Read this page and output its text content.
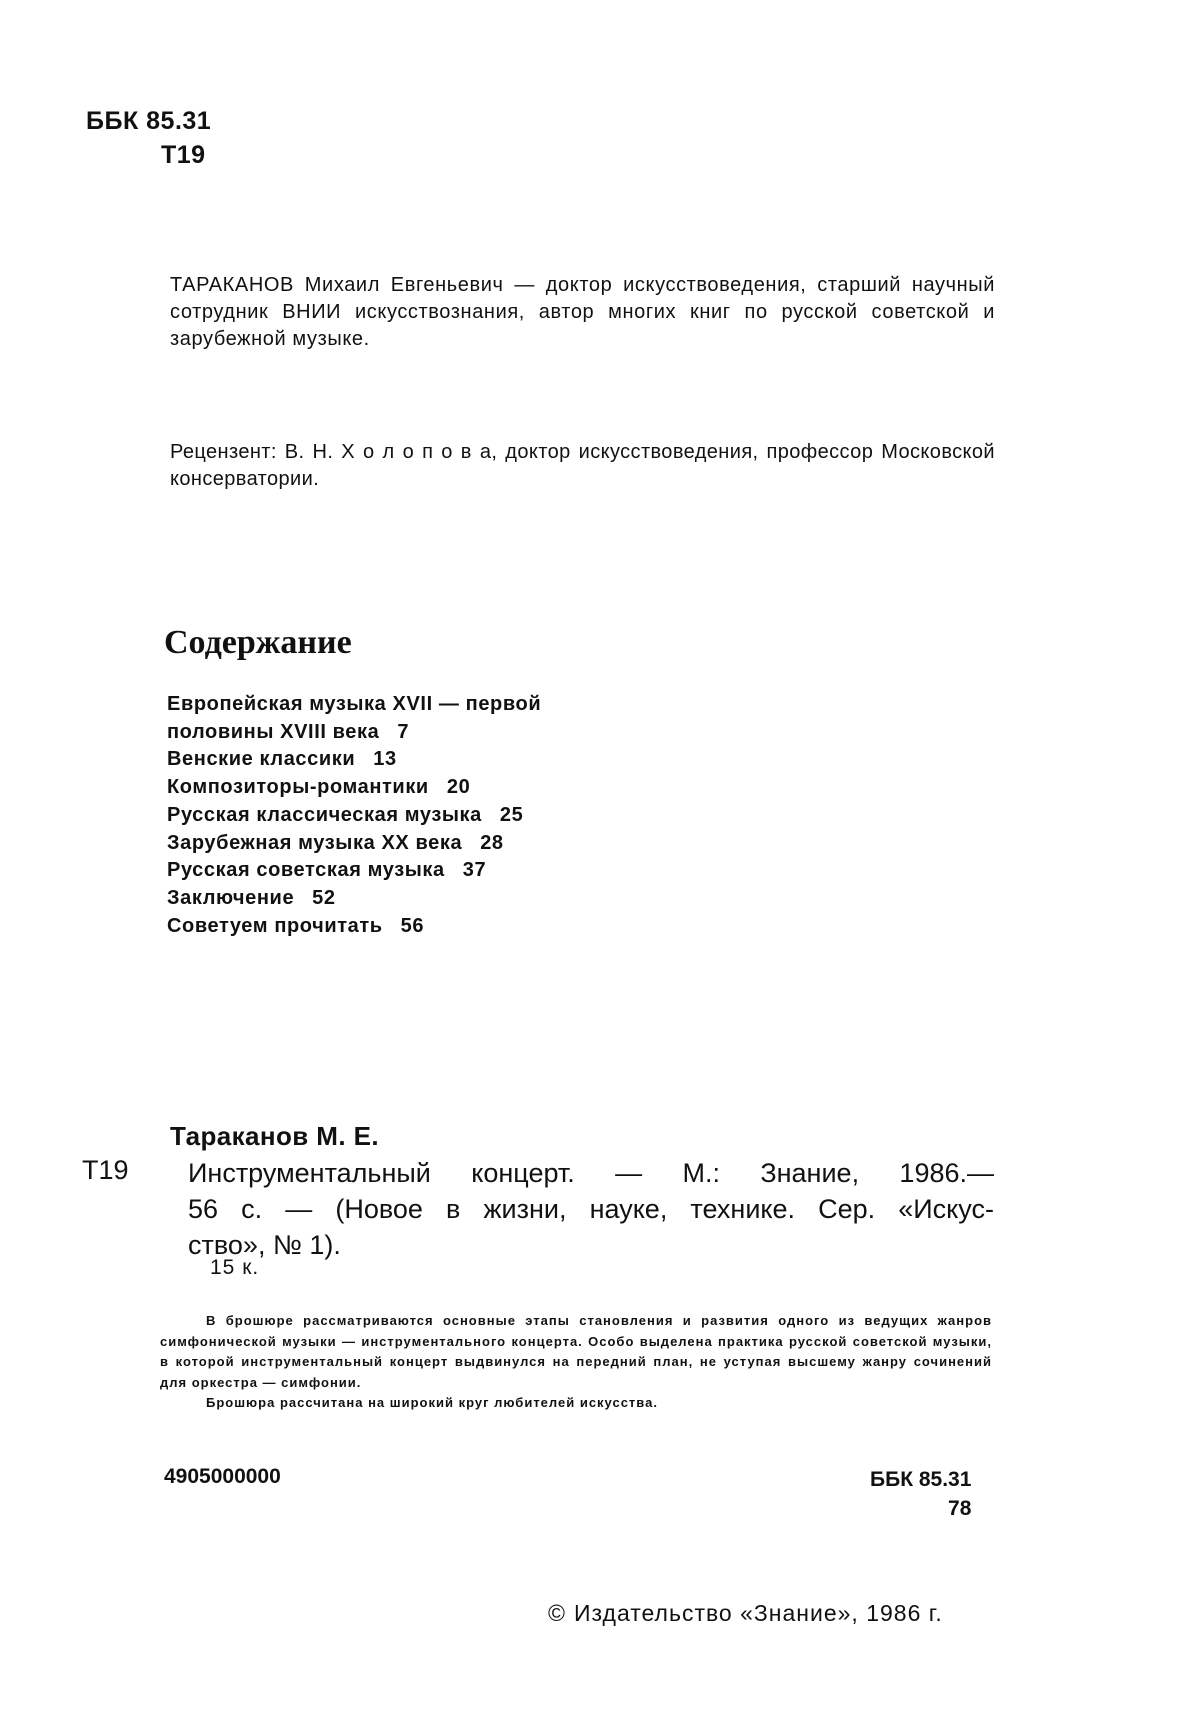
ББК 85.31
Т19
ТАРАКАНОВ Михаил Евгеньевич — доктор искусствоведения, старший научный сотрудник ВНИИ искусствознания, автор многих книг по русской советской и зарубежной музыке.
Рецензент: В. Н. Х о л о п о в а, доктор искусствоведения, профессор Московской консерватории.
Содержание
Европейская музыка XVII — первой
половины XVIII века 7
Венские классики 13
Композиторы-романтики 20
Русская классическая музыка 25
Зарубежная музыка XX века 28
Русская советская музыка 37
Заключение 52
Советуем прочитать 56
Тараканов М. Е.
Т19 Инструментальный концерт. — М.: Знание, 1986.—
56 с. — (Новое в жизни, науке, технике. Сер. «Искус-
ство», № 1).
15 к.

В брошюре рассматриваются основные этапы становления и развития одного из ведущих жанров симфонической музыки — инструментального концерта. Особо выделена практика русской советской музыки, в которой инструментальный концерт выдвинулся на передний план, не уступая высшему жанру сочинений для оркестра — симфонии.

Брошюра рассчитана на широкий круг любителей искусства.

4905000000	ББК 85.31
78
© Издательство «Знание», 1986 г.
